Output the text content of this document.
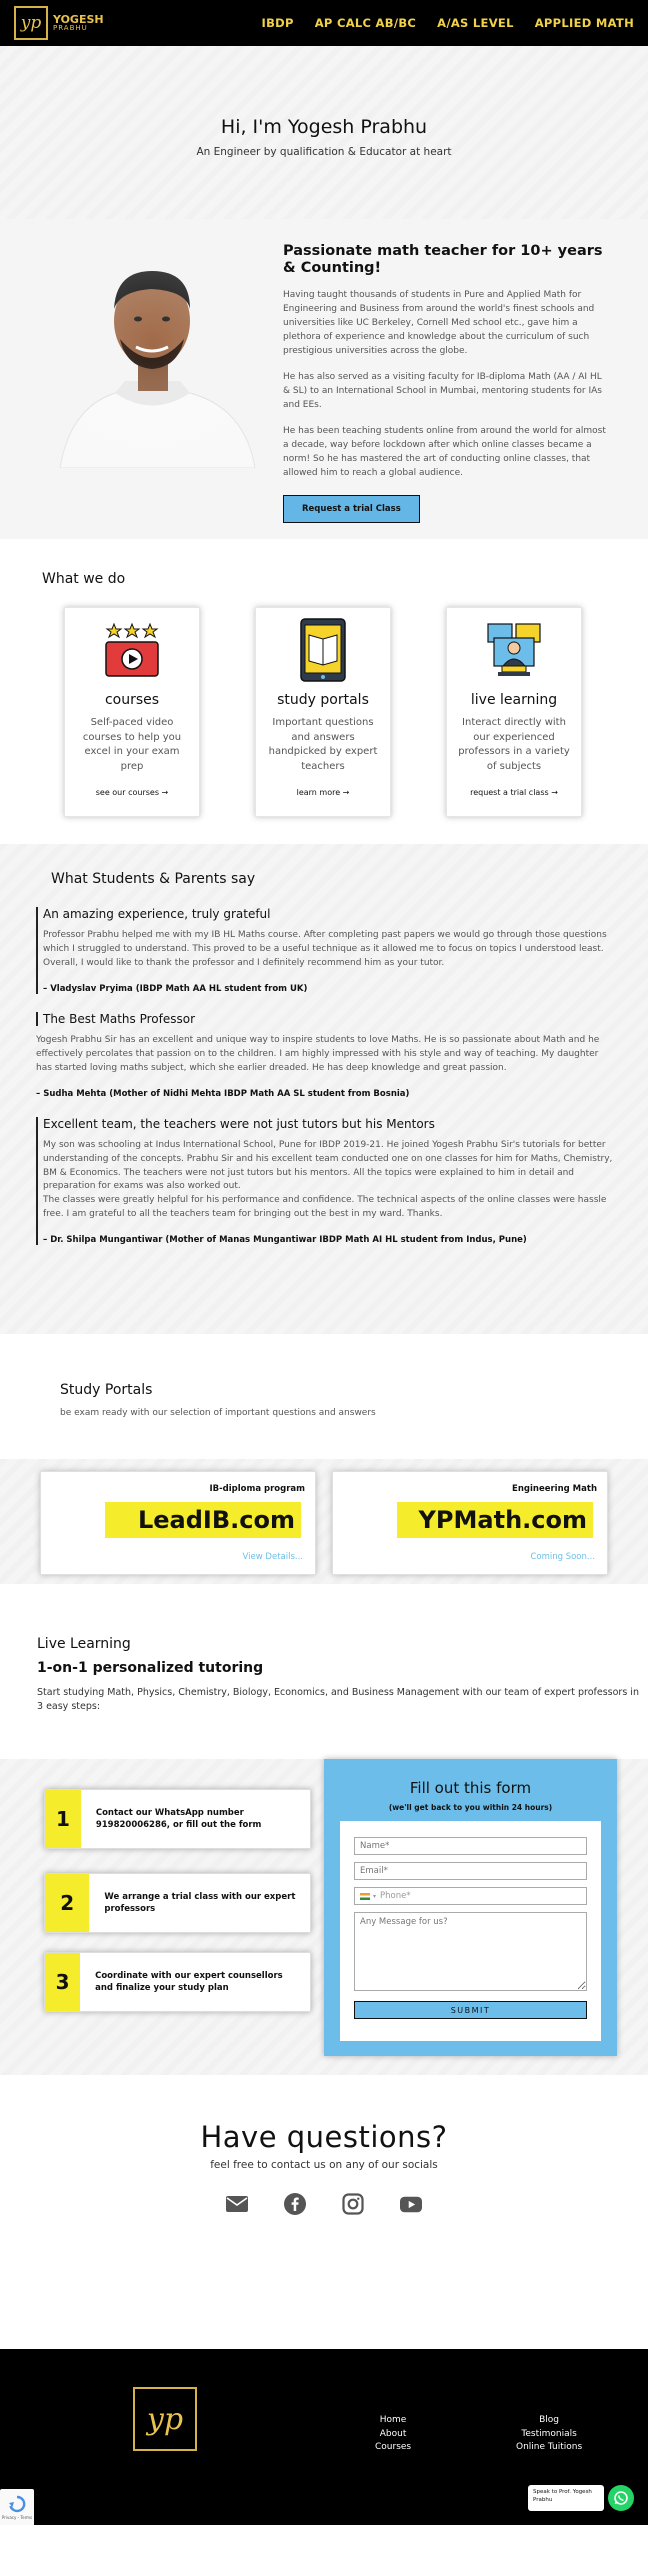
yp YOGESH
PRABHU	IBDP AP CALC AB/BC A/AS LEVEL APPLIED MATH
Hi, I'm Yogesh Prabhu

An Engineer by qualification & Educator at heart

Passionate math teacher for 10+ years & Counting!

Having taught thousands of students in Pure and Applied Math for Engineering and Business from around the world's finest schools and universities like UC Berkeley, Cornell Med school etc., gave him a plethora of experience and knowledge about the curriculum of such prestigious universities across the globe.

He has also served as a visiting faculty for IB-diploma Math (AA / AI HL & SL) to an International School in Mumbai, mentoring students for IAs and EEs.

He has been teaching students online from around the world for almost a decade, way before lockdown after which online classes became a norm! So he has mastered the art of conducting online classes, that allowed him to reach a global audience.

Request a trial Class
What we do
courses

Self-paced video courses to help you excel in your exam prep

see our courses →
study portals

Important questions and answers handpicked by expert teachers

learn more →
live learning

Interact directly with our experienced professors in a variety of subjects

request a trial class →
What Students & Parents say
An amazing experience, truly grateful

Professor Prabhu helped me with my IB HL Maths course. After completing past papers we would go through those questions which I struggled to understand. This proved to be a useful technique as it allowed me to focus on topics I understood least.

Overall, I would like to thank the professor and I definitely recommend him as your tutor.

– Vladyslav Pryima (IBDP Math AA HL student from UK)
The Best Maths Professor

Yogesh Prabhu Sir has an excellent and unique way to inspire students to love Maths. He is so passionate about Math and he effectively percolates that passion on to the children. I am highly impressed with his style and way of teaching. My daughter has started loving maths subject, which she earlier dreaded. He has deep knowledge and great passion.

– Sudha Mehta (Mother of Nidhi Mehta IBDP Math AA SL student from Bosnia)
Excellent team, the teachers were not just tutors but his Mentors

My son was schooling at Indus International School, Pune for IBDP 2019-21. He joined Yogesh Prabhu Sir's tutorials for better understanding of the concepts. Prabhu Sir and his excellent team conducted one on one classes for him for Maths, Chemistry, BM & Economics. The teachers were not just tutors but his mentors. All the topics were explained to him in detail and preparation for exams was also worked out.

The classes were greatly helpful for his performance and confidence. The technical aspects of the online classes were hassle free. I am grateful to all the teachers team for bringing out the best in my ward. Thanks.

– Dr. Shilpa Mungantiwar (Mother of Manas Mungantiwar IBDP Math AI HL student from Indus, Pune)
Study Portals

be exam ready with our selection of important questions and answers

IB-diploma program
LeadIB.com
View Details...
Engineering Math
YPMath.com
Coming Soon...
Live Learning
1-on-1 personalized tutoring

Start studying Math, Physics, Chemistry, Biology, Economics, and Business Management with our team of expert professors in 3 easy steps:

1	Contact our WhatsApp number 919820006286, or fill out the form
2	We arrange a trial class with our expert professors
3	Coordinate with our expert counsellors and finalize your study plan
Fill out this form
(we'll get back to you within 24 hours)
Name* Email*
▾ Phone*
Any Message for us?
SUBMIT
Have questions?

feel free to contact us on any of our socials

yp	Home
About
Courses
Blog
Testimonials
Online Tuitions
Privacy - Terms
Speak to Prof. Yogesh Prabhu
